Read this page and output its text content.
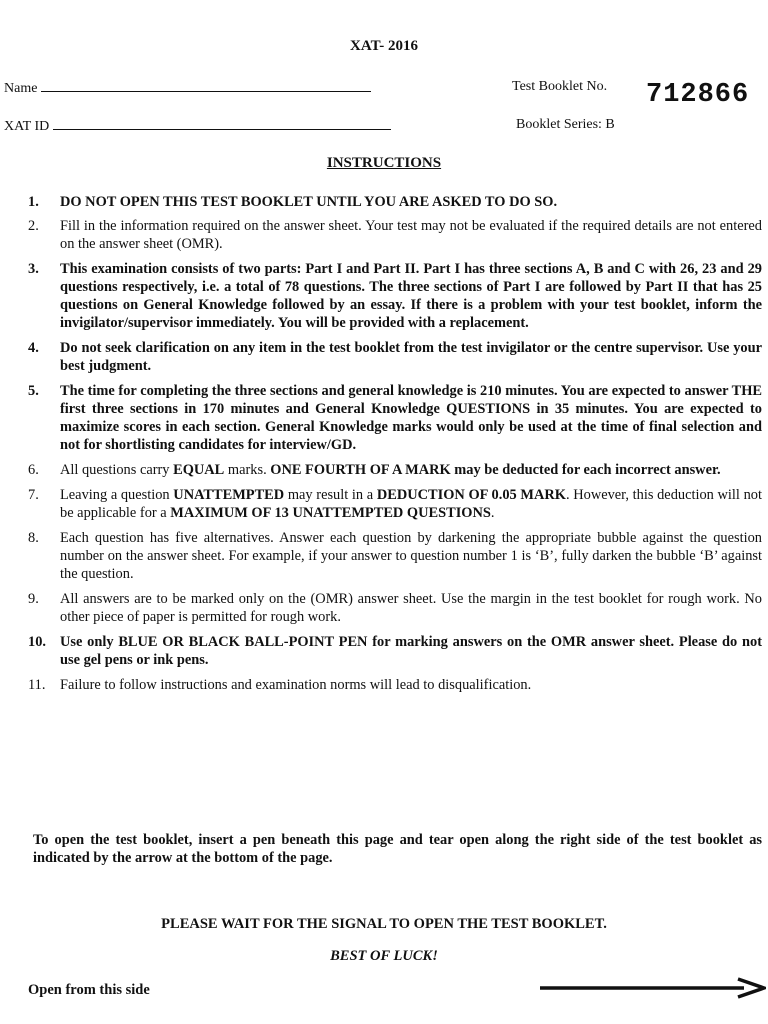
XAT- 2016
Name
XAT ID
Test Booklet No. 712866
Booklet Series: B
INSTRUCTIONS
1. DO NOT OPEN THIS TEST BOOKLET UNTIL YOU ARE ASKED TO DO SO.
2. Fill in the information required on the answer sheet. Your test may not be evaluated if the required details are not entered on the answer sheet (OMR).
3. This examination consists of two parts: Part I and Part II. Part I has three sections A, B and C with 26, 23 and 29 questions respectively, i.e. a total of 78 questions. The three sections of Part I are followed by Part II that has 25 questions on General Knowledge followed by an essay. If there is a problem with your test booklet, inform the invigilator/supervisor immediately. You will be provided with a replacement.
4. Do not seek clarification on any item in the test booklet from the test invigilator or the centre supervisor. Use your best judgment.
5. The time for completing the three sections and general knowledge is 210 minutes. You are expected to answer THE first three sections in 170 minutes and General Knowledge QUESTIONS in 35 minutes. You are expected to maximize scores in each section. General Knowledge marks would only be used at the time of final selection and not for shortlisting candidates for interview/GD.
6. All questions carry EQUAL marks. ONE FOURTH OF A MARK may be deducted for each incorrect answer.
7. Leaving a question UNATTEMPTED may result in a DEDUCTION OF 0.05 MARK. However, this deduction will not be applicable for a MAXIMUM OF 13 UNATTEMPTED QUESTIONS.
8. Each question has five alternatives. Answer each question by darkening the appropriate bubble against the question number on the answer sheet. For example, if your answer to question number 1 is ‘B’, fully darken the bubble ‘B’ against the question.
9. All answers are to be marked only on the (OMR) answer sheet. Use the margin in the test booklet for rough work. No other piece of paper is permitted for rough work.
10. Use only BLUE OR BLACK BALL-POINT PEN for marking answers on the OMR answer sheet. Please do not use gel pens or ink pens.
11. Failure to follow instructions and examination norms will lead to disqualification.
To open the test booklet, insert a pen beneath this page and tear open along the right side of the test booklet as indicated by the arrow at the bottom of the page.
PLEASE WAIT FOR THE SIGNAL TO OPEN THE TEST BOOKLET.
BEST OF LUCK!
Open from this side
